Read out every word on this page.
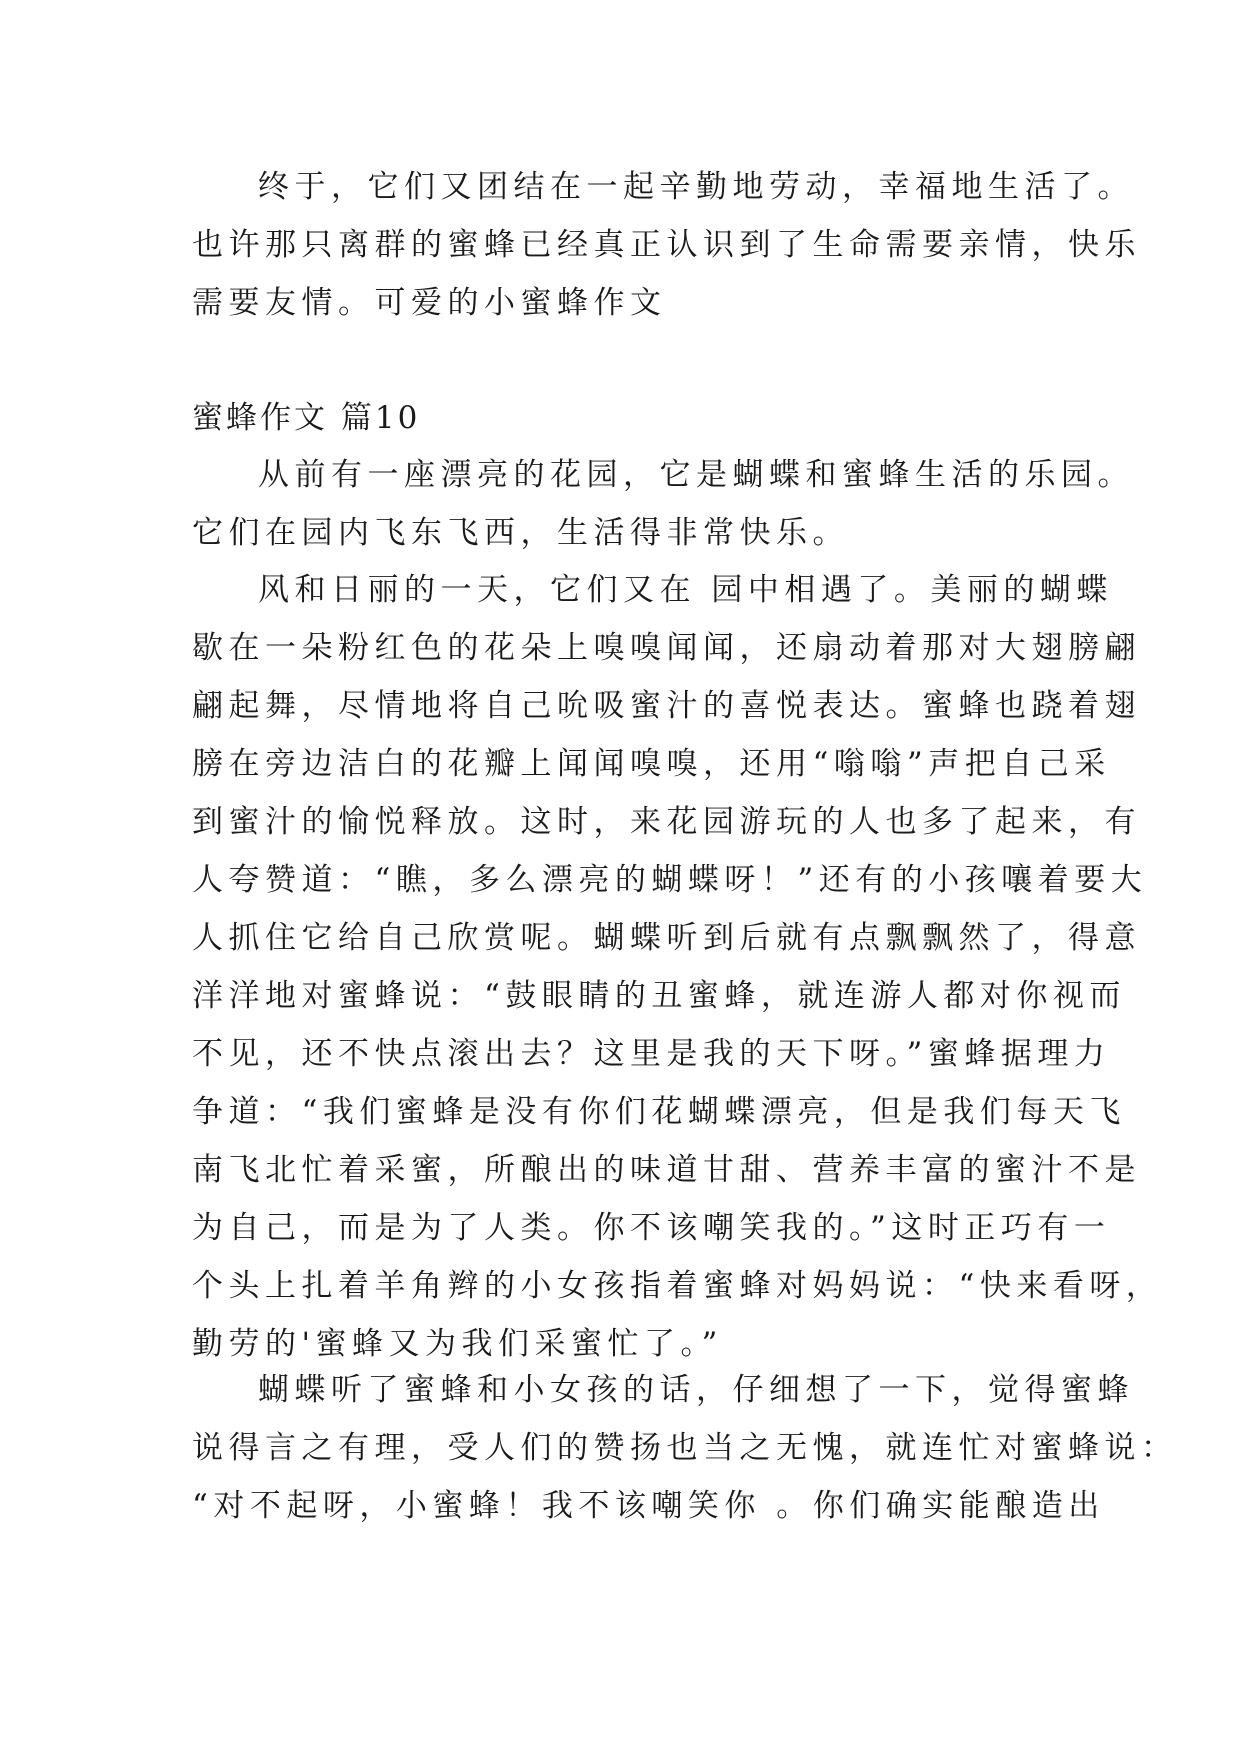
终于，它们又团结在一起辛勤地劳动，幸福地生活了。
也许那只离群的蜜蜂已经真正认识到了生命需要亲情，快乐
需要友情。可爱的小蜜蜂作文
蜜蜂作文 篇10
从前有一座漂亮的花园，它是蝴蝶和蜜蜂生活的乐园。
它们在园内飞东飞西，生活得非常快乐。
风和日丽的一天，它们又在 园中相遇了。美丽的蝴蝶
歇在一朵粉红色的花朵上嗅嗅闻闻，还扇动着那对大翅膀翩
翩起舞，尽情地将自己吮吸蜜汁的喜悦表达。蜜蜂也跷着翅
膀在旁边洁白的花瓣上闻闻嗅嗅，还用“嗡嗡”声把自己采
到蜜汁的愉悦释放。这时，来花园游玩的人也多了起来，有
人夸赞道：“瞧，多么漂亮的蝴蝶呀！”还有的小孩嚷着要大
人抓住它给自己欣赏呢。蝴蝶听到后就有点飘飘然了，得意
洋洋地对蜜蜂说：“鼓眼睛的丑蜜蜂，就连游人都对你视而
不见，还不快点滚出去？这里是我的天下呀。”蜜蜂据理力
争道：“我们蜜蜂是没有你们花蝴蝶漂亮，但是我们每天飞
南飞北忙着采蜜，所酿出的味道甘甜、营养丰富的蜜汁不是
为自己，而是为了人类。你不该嘲笑我的。”这时正巧有一
个头上扎着羊角辫的小女孩指着蜜蜂对妈妈说：“快来看呀，
勤劳的'蜜蜂又为我们采蜜忙了。”
蝴蝶听了蜜蜂和小女孩的话，仔细想了一下，觉得蜜蜂
说得言之有理，受人们的赞扬也当之无愧，就连忙对蜜蜂说：
“对不起呀，小蜜蜂！我不该嘲笑你 。你们确实能酿造出
